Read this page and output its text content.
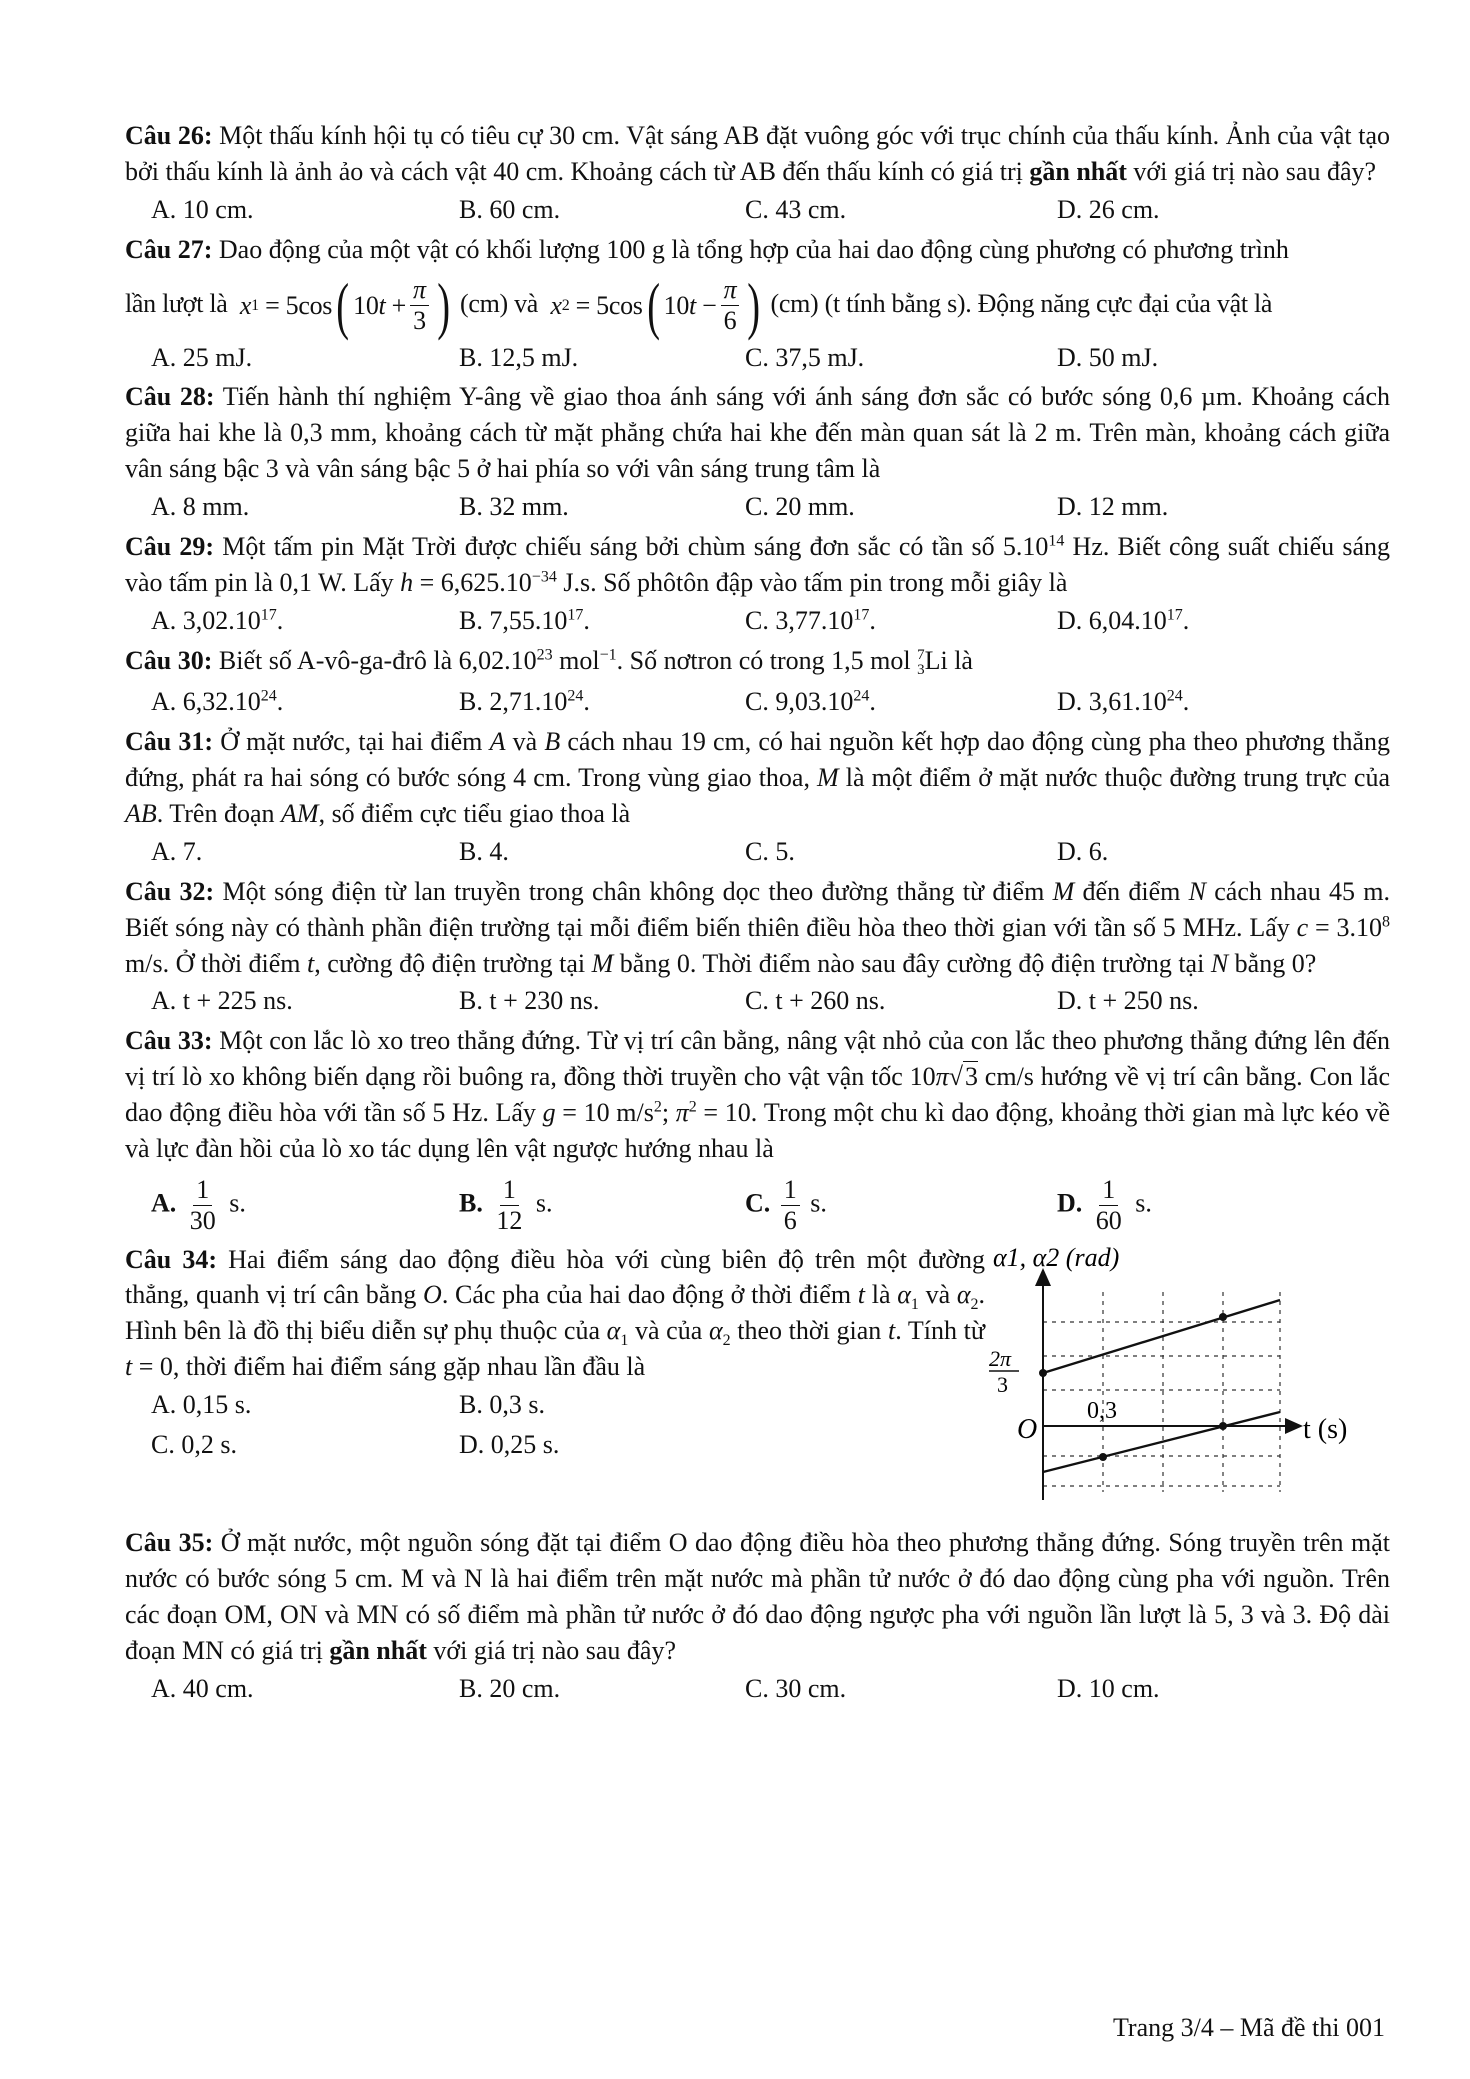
Câu 26: Một thấu kính hội tụ có tiêu cự 30 cm. Vật sáng AB đặt vuông góc với trục chính của thấu kính. Ảnh của vật tạo bởi thấu kính là ảnh ảo và cách vật 40 cm. Khoảng cách từ AB đến thấu kính có giá trị gần nhất với giá trị nào sau đây?
A. 10 cm.	B. 60 cm.	C. 43 cm.	D. 26 cm.
Câu 27: Dao động của một vật có khối lượng 100 g là tổng hợp của hai dao động cùng phương có phương trình
lần lượt là x 1 = 5cos ( 10 $t + \frac{\pi}{3}$ ) (cm) và x 2 = 5cos ( 10 $t - \frac{\pi}{6}$ ) (cm) (t tính bằng s). Động năng cực đại của vật là
A. 25 mJ.	B. 12,5 mJ.	C. 37,5 mJ.	D. 50 mJ.
Câu 28: Tiến hành thí nghiệm Y-âng về giao thoa ánh sáng với ánh sáng đơn sắc có bước sóng 0,6 µm. Khoảng cách giữa hai khe là 0,3 mm, khoảng cách từ mặt phẳng chứa hai khe đến màn quan sát là 2 m. Trên màn, khoảng cách giữa vân sáng bậc 3 và vân sáng bậc 5 ở hai phía so với vân sáng trung tâm là
A. 8 mm.	B. 32 mm.	C. 20 mm.	D. 12 mm.
Câu 29: Một tấm pin Mặt Trời được chiếu sáng bởi chùm sáng đơn sắc có tần số 5.10$^{14}$ Hz. Biết công suất chiếu sáng vào tấm pin là 0,1 W. Lấy $h = 6,625.10^{-34}$ J.s. Số phôtôn đập vào tấm pin trong mỗi giây là
A. 3,02.10$^{17}$.	B. 7,55.10$^{17}$.	C. 3,77.10$^{17}$.	D. 6,04.10$^{17}$.
Câu 30: Biết số A-vô-ga-đrô là 6,02.10$^{23}$ mol$^{-1}$. Số nơtron có trong 1,5 mol 7
3 Li là
A. 6,32.10$^{24}$.	B. 2,71.10$^{24}$.	C. 9,03.10$^{24}$.	D. 3,61.10$^{24}$.
Câu 31: Ở mặt nước, tại hai điểm A và B cách nhau 19 cm, có hai nguồn kết hợp dao động cùng pha theo phương thẳng đứng, phát ra hai sóng có bước sóng 4 cm. Trong vùng giao thoa, M là một điểm ở mặt nước thuộc đường trung trực của AB. Trên đoạn AM, số điểm cực tiểu giao thoa là
A. 7.	B. 4.	C. 5.	D. 6.
Câu 32: Một sóng điện từ lan truyền trong chân không dọc theo đường thẳng từ điểm M đến điểm N cách nhau 45 m. Biết sóng này có thành phần điện trường tại mỗi điểm biến thiên điều hòa theo thời gian với tần số 5 MHz. Lấy $c = 3.10^8$ m/s. Ở thời điểm t, cường độ điện trường tại M bằng 0. Thời điểm nào sau đây cường độ điện trường tại N bằng 0?
A. t + 225 ns.	B. t + 230 ns.	C. t + 260 ns.	D. t + 250 ns.
Câu 33: Một con lắc lò xo treo thẳng đứng. Từ vị trí cân bằng, nâng vật nhỏ của con lắc theo phương thẳng đứng lên đến vị trí lò xo không biến dạng rồi buông ra, đồng thời truyền cho vật vận tốc 10π√3 cm/s hướng về vị trí cân bằng. Con lắc dao động điều hòa với tần số 5 Hz. Lấy g = 10 $m/s^2$; $\pi^2 = 10$. Trong một chu kì dao động, khoảng thời gian mà lực kéo về và lực đàn hồi của lò xo tác dụng lên vật ngược hướng nhau là
A. $\frac{1}{30} s$.	B. $\frac{1}{12} s$.	C. $\frac{1}{6} s$.	D. $\frac{1}{60} s$.
Câu 34: Hai điểm sáng dao động điều hòa với cùng biên độ trên một đường thẳng, quanh vị trí cân bằng O. Các pha của hai dao động ở thời điểm t là $\alpha_1$ và $\alpha_2$. Hình bên là đồ thị biểu diễn sự phụ thuộc của $\alpha_1$ và của $\alpha_2$ theo thời gian t. Tính từ t = 0, thời điểm hai điểm sáng gặp nhau lần đầu là
A. 0,15 s.	B. 0,3 s.
C. 0,2 s.	D. 0,25 s.
α1, α2 (rad)
2π
3
O
0,3
t (s)
Câu 35: Ở mặt nước, một nguồn sóng đặt tại điểm O dao động điều hòa theo phương thẳng đứng. Sóng truyền trên mặt nước có bước sóng 5 cm. M và N là hai điểm trên mặt nước mà phần tử nước ở đó dao động cùng pha với nguồn. Trên các đoạn OM, ON và MN có số điểm mà phần tử nước ở đó dao động ngược pha với nguồn lần lượt là 5, 3 và 3. Độ dài đoạn MN có giá trị gần nhất với giá trị nào sau đây?
A. 40 cm.	B. 20 cm.	C. 30 cm.	D. 10 cm.
Trang 3/4 – Mã đề thi 001
